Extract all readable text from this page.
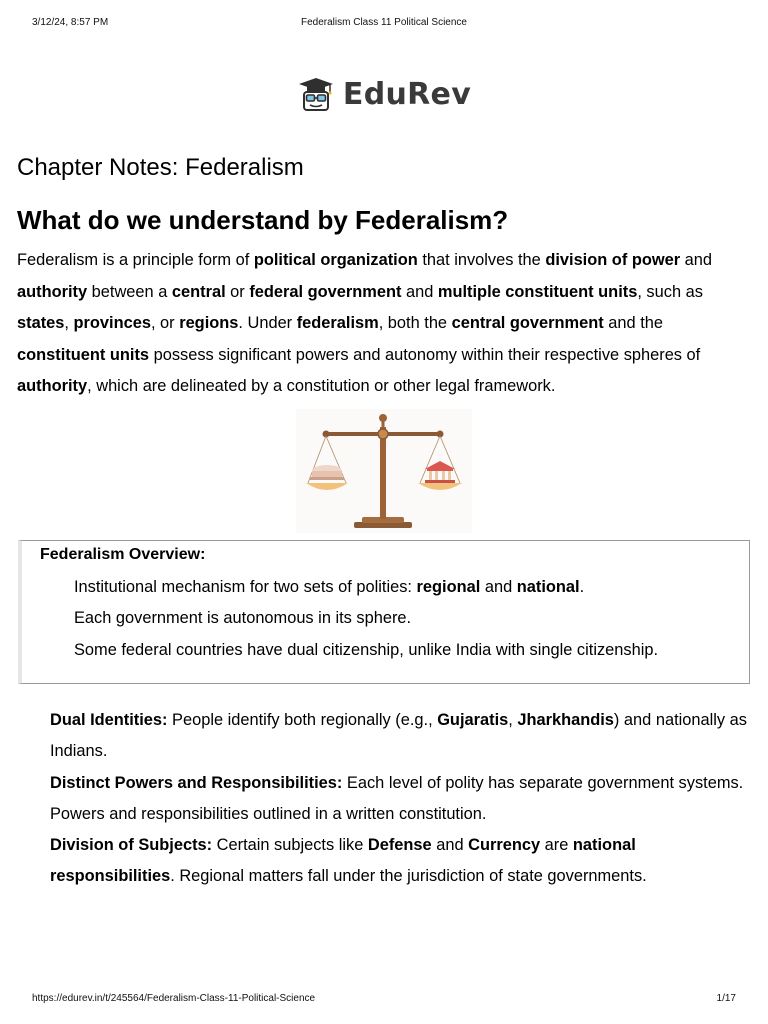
3/12/24, 8:57 PM	Federalism Class 11 Political Science
EduRev
Chapter Notes: Federalism
What do we understand by Federalism?

Federalism is a principle form of political organization that involves the division of power and authority between a central or federal government and multiple constituent units, such as states, provinces, or regions. Under federalism, both the central government and the constituent units possess significant powers and autonomy within their respective spheres of authority, which are delineated by a constitution or other legal framework.

Federalism Overview:
Institutional mechanism for two sets of polities: regional and national.
Each government is autonomous in its sphere.
Some federal countries have dual citizenship, unlike India with single citizenship.

Dual Identities: People identify both regionally (e.g., Gujaratis, Jharkhandis) and nationally as Indians.

Distinct Powers and Responsibilities: Each level of polity has separate government systems. Powers and responsibilities outlined in a written constitution.

Division of Subjects: Certain subjects like Defense and Currency are national responsibilities. Regional matters fall under the jurisdiction of state governments.

https://edurev.in/t/245564/Federalism-Class-11-Political-Science	1/17
